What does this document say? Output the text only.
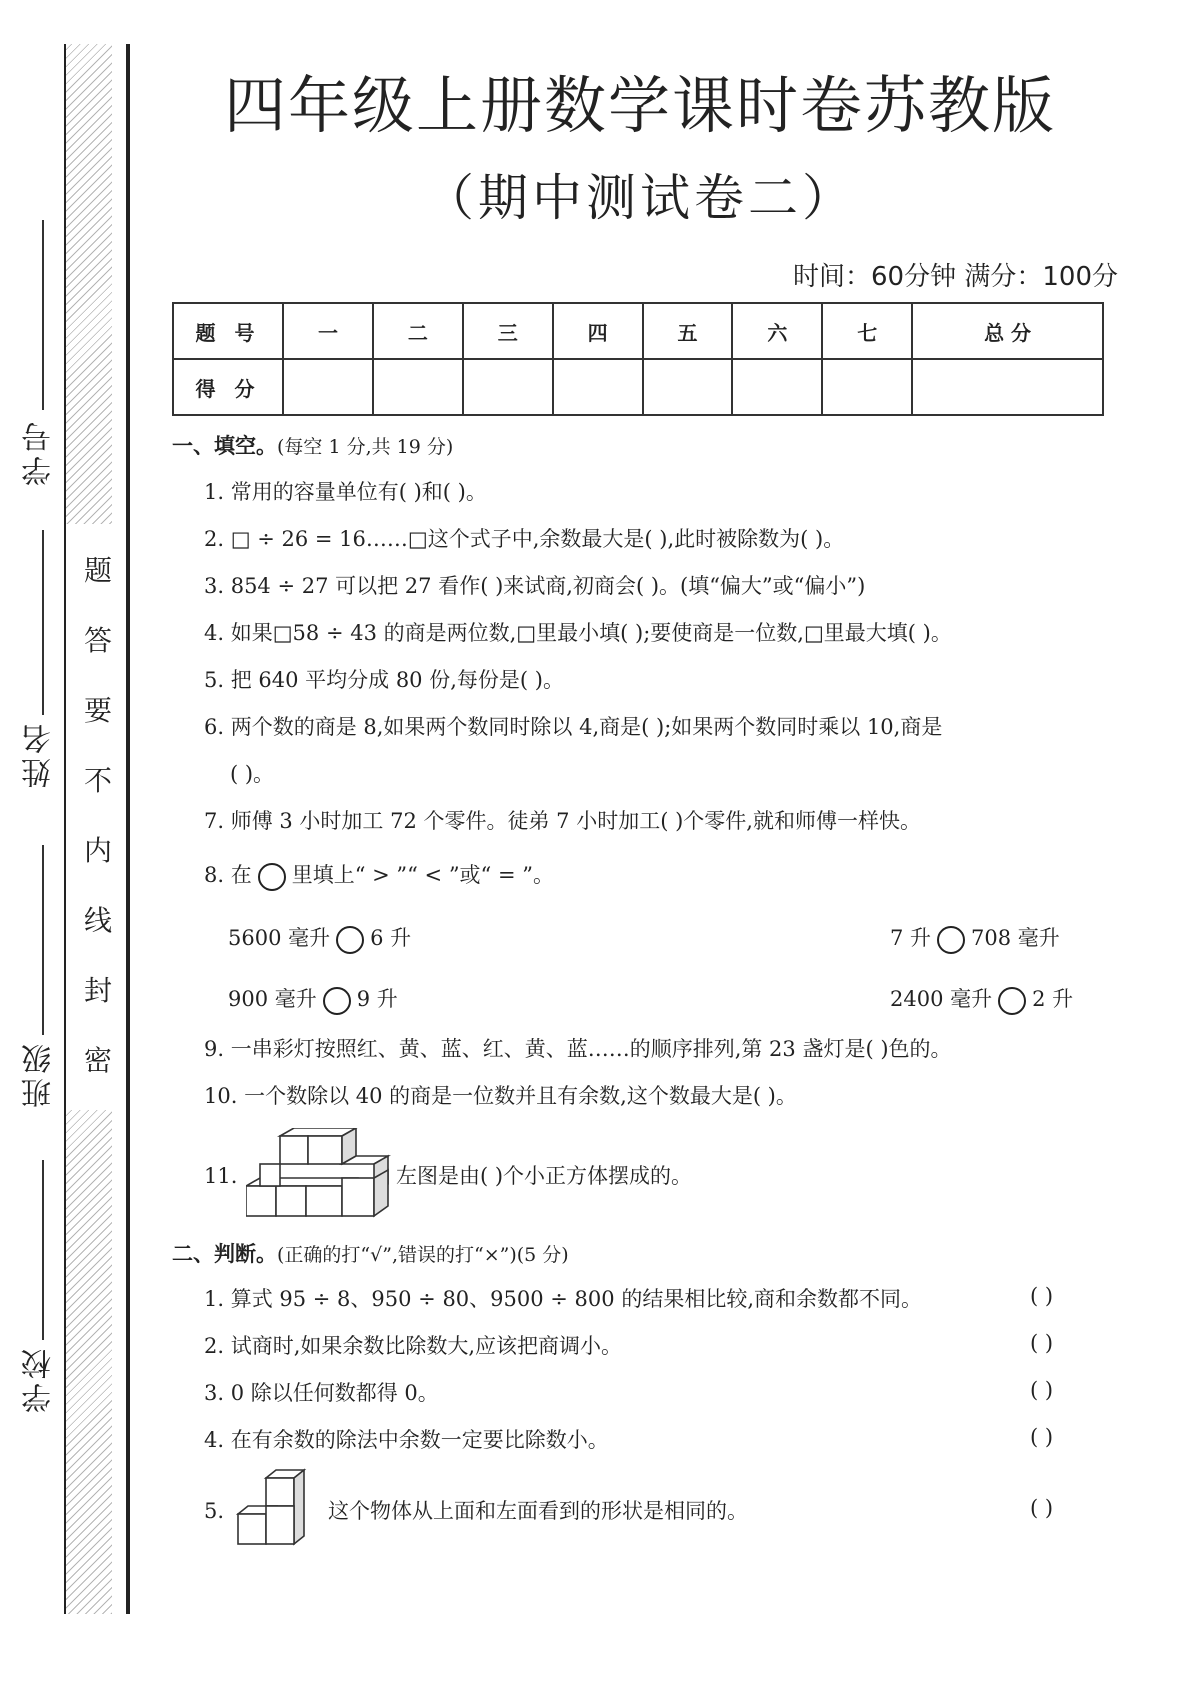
题
答
要
不
内
线
封
密
学号
姓名
班级
学校
四年级上册数学课时卷苏教版
（期中测试卷二）
时间：60分钟 满分：100分
题 号	一	二	三	四	五	六	七	总 分
得 分								
一、填空。(每空 1 分,共 19 分)
1. 常用的容量单位有( )和( )。
2. □ ÷ 26 = 16……□这个式子中,余数最大是( ),此时被除数为( )。
3. 854 ÷ 27 可以把 27 看作( )来试商,初商会( )。(填“偏大”或“偏小”)
4. 如果□58 ÷ 43 的商是两位数,□里最小填( );要使商是一位数,□里最大填( )。
5. 把 640 平均分成 80 份,每份是( )。
6. 两个数的商是 8,如果两个数同时除以 4,商是( );如果两个数同时乘以 10,商是
( )。
7. 师傅 3 小时加工 72 个零件。徒弟 7 小时加工( )个零件,就和师傅一样快。
8. 在 里填上“ > ”“ < ”或“ = ”。
5600 毫升 6 升	7 升 708 毫升
900 毫升 9 升	2400 毫升 2 升
9. 一串彩灯按照红、黄、蓝、红、黄、蓝……的顺序排列,第 23 盏灯是( )色的。
10. 一个数除以 40 的商是一位数并且有余数,这个数最大是( )。
11.	左图是由( )个小正方体摆成的。
二、判断。(正确的打“√”,错误的打“×”)(5 分)
1. 算式 95 ÷ 8、950 ÷ 80、9500 ÷ 800 的结果相比较,商和余数都不同。	( )
2. 试商时,如果余数比除数大,应该把商调小。	( )
3. 0 除以任何数都得 0。	( )
4. 在有余数的除法中余数一定要比除数小。	( )
5.	这个物体从上面和左面看到的形状是相同的。	( )
